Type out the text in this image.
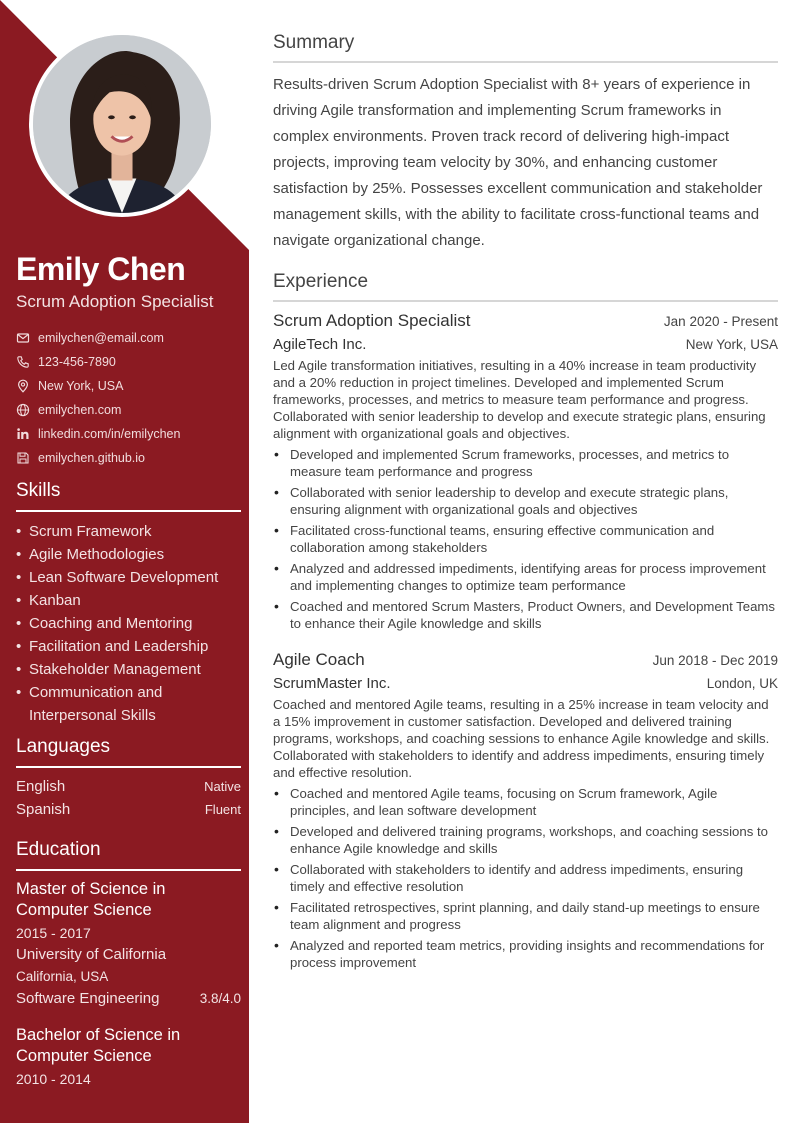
Emily Chen
Scrum Adoption Specialist
emilychen@email.com
123-456-7890
New York, USA
emilychen.com
linkedin.com/in/emilychen
emilychen.github.io
Skills
• Scrum Framework
• Agile Methodologies
• Lean Software Development
• Kanban
• Coaching and Mentoring
• Facilitation and Leadership
• Stakeholder Management
• Communication and Interpersonal Skills
Languages
English	Native
Spanish	Fluent
Education
Master of Science in Computer Science
2015 - 2017
University of California
California, USA
Software Engineering	3.8/4.0
Bachelor of Science in Computer Science
2010 - 2014
Summary

Results-driven Scrum Adoption Specialist with 8+ years of experience in driving Agile transformation and implementing Scrum frameworks in complex environments. Proven track record of delivering high-impact projects, improving team velocity by 30%, and enhancing customer satisfaction by 25%. Possesses excellent communication and stakeholder management skills, with the ability to facilitate cross-functional teams and navigate organizational change.

Experience
Scrum Adoption Specialist	Jan 2020 - Present
AgileTech Inc.	New York, USA

Led Agile transformation initiatives, resulting in a 40% increase in team productivity and a 20% reduction in project timelines. Developed and implemented Scrum frameworks, processes, and metrics to measure team performance and progress. Collaborated with senior leadership to develop and execute strategic plans, ensuring alignment with organizational goals and objectives.

• Developed and implemented Scrum frameworks, processes, and metrics to measure team performance and progress
• Collaborated with senior leadership to develop and execute strategic plans, ensuring alignment with organizational goals and objectives
• Facilitated cross-functional teams, ensuring effective communication and collaboration among stakeholders
• Analyzed and addressed impediments, identifying areas for process improvement and implementing changes to optimize team performance
• Coached and mentored Scrum Masters, Product Owners, and Development Teams to enhance their Agile knowledge and skills
Agile Coach	Jun 2018 - Dec 2019
ScrumMaster Inc.	London, UK

Coached and mentored Agile teams, resulting in a 25% increase in team velocity and a 15% improvement in customer satisfaction. Developed and delivered training programs, workshops, and coaching sessions to enhance Agile knowledge and skills. Collaborated with stakeholders to identify and address impediments, ensuring timely and effective resolution.

• Coached and mentored Agile teams, focusing on Scrum framework, Agile principles, and lean software development
• Developed and delivered training programs, workshops, and coaching sessions to enhance Agile knowledge and skills
• Collaborated with stakeholders to identify and address impediments, ensuring timely and effective resolution
• Facilitated retrospectives, sprint planning, and daily stand-up meetings to ensure team alignment and progress
• Analyzed and reported team metrics, providing insights and recommendations for process improvement
